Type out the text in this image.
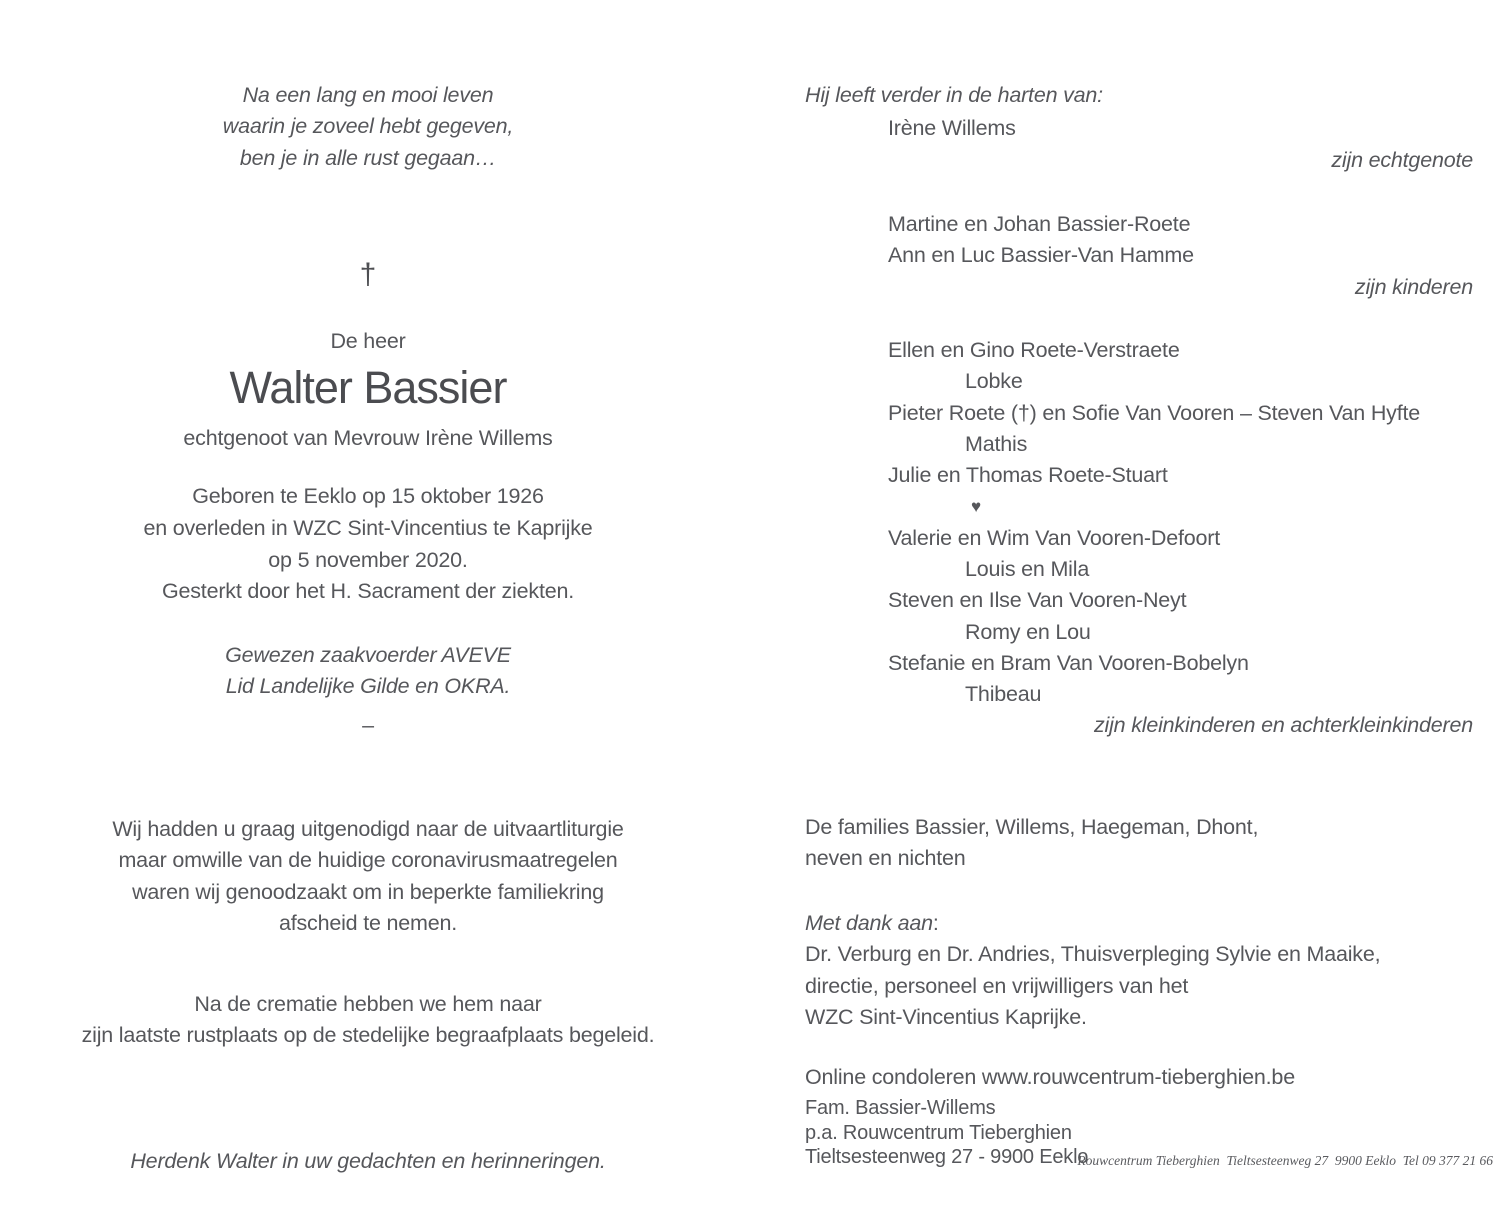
Na een lang en mooi leven
waarin je zoveel hebt gegeven,
ben je in alle rust gegaan…
†
De heer
Walter Bassier
echtgenoot van Mevrouw Irène Willems
Geboren te Eeklo op 15 oktober 1926
en overleden in WZC Sint-Vincentius te Kaprijke
op 5 november 2020.
Gesterkt door het H. Sacrament der ziekten.
Gewezen zaakvoerder AVEVE
Lid Landelijke Gilde en OKRA.
–
Wij hadden u graag uitgenodigd naar de uitvaartliturgie
maar omwille van de huidige coronavirusmaatregelen
waren wij genoodzaakt om in beperkte familiekring
afscheid te nemen.
Na de crematie hebben we hem naar
zijn laatste rustplaats op de stedelijke begraafplaats begeleid.
Herdenk Walter in uw gedachten en herinneringen.
Hij leeft verder in de harten van:
Irène Willems
zijn echtgenote
Martine en Johan Bassier-Roete
Ann en Luc Bassier-Van Hamme
zijn kinderen
Ellen en Gino Roete-Verstraete
Lobke
Pieter Roete (†) en Sofie Van Vooren – Steven Van Hyfte
Mathis
Julie en Thomas Roete-Stuart
♥
Valerie en Wim Van Vooren-Defoort
Louis en Mila
Steven en Ilse Van Vooren-Neyt
Romy en Lou
Stefanie en Bram Van Vooren-Bobelyn
Thibeau
zijn kleinkinderen en achterkleinkinderen
De families Bassier, Willems, Haegeman, Dhont,
neven en nichten
Met dank aan:
Dr. Verburg en Dr. Andries, Thuisverpleging Sylvie en Maaike,
directie, personeel en vrijwilligers van het
WZC Sint-Vincentius Kaprijke.
Online condoleren www.rouwcentrum-tieberghien.be
Fam. Bassier-Willems
p.a. Rouwcentrum Tieberghien
Tieltsesteenweg 27 - 9900 Eeklo
Rouwcentrum Tieberghien  Tieltsesteenweg 27  9900 Eeklo  Tel 09 377 21 66
